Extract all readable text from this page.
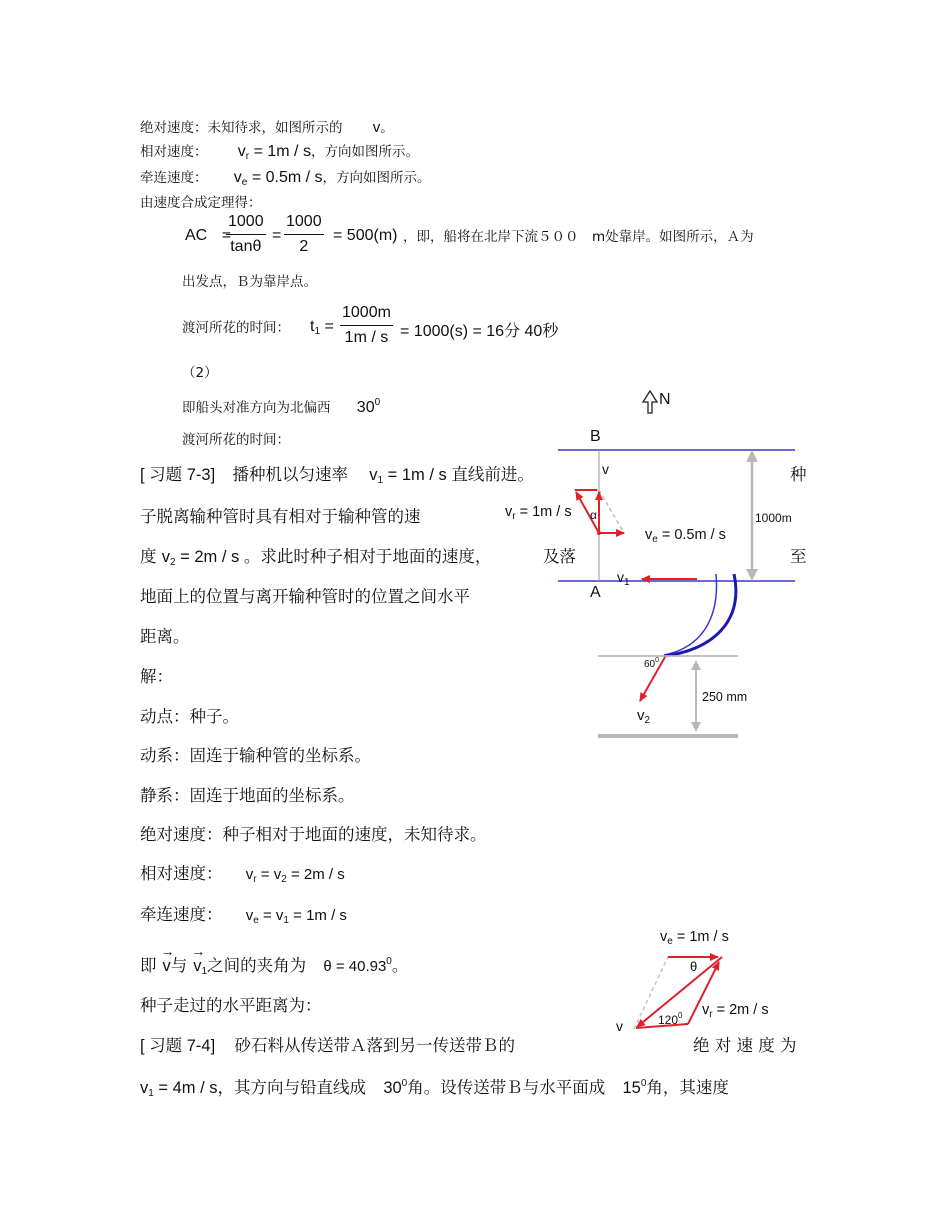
绝对速度：未知待求，如图所示的 v。
相对速度： $v_r = 1m / s$，方向如图所示。
牵连速度： $v_e = 0.5m / s$，方向如图所示。
由速度合成定理得：
AC =
$\frac{1000}{\tan\theta} = \frac{1000}{2} = 500(m)$ ，即，船将在北岸下流５００　m处靠岸。如图所示，Ａ为
出发点，Ｂ为靠岸点。
渡河所花的时间： $t_1 = \frac{1000m}{1m / s} = 1000(s) = 16$分 40秒
（2）
即船头对准方向为北偏西 $30^0$
渡河所花的时间：
[ 习题 7-3] 播种机以匀速率 $v_1 = 1m / s$ 直线前进。	种
子脱离输种管时具有相对于输种管的速
度 $v_2 = 2m / s$ 。求此时种子相对于地面的速度，	及落	至
地面上的位置与离开输种管时的位置之间水平
距离。
解：
动点：种子。
动系：固连于输种管的坐标系。
静系：固连于地面的坐标系。
绝对速度：种子相对于地面的速度，未知待求。
相对速度： $v_r = v_2 = 2m / s$
牵连速度： $v_e = v_1 = 1m / s$
即 → v与 → $v_1$之间的夹角为 $\theta = 40.93^0$。
种子走过的水平距离为：
[ 习题 7-4] 砂石料从传送带Ａ落到另一传送带Ｂ的	绝 对 速 度 为
$v_1 = 4m / s$，其方向与铅直线成 $30^0$角。设传送带Ｂ与水平面成 $15^0$角，其速度
N
B
A
v
$v_r = 1m / s$ α
$v_e = 0.5m / s$
1000m
$v_1$
$60^0$
$v_2$
250 mm
$v_e = 1m / s$
θ
$v_r = 2m / s$
v	$120^0$
